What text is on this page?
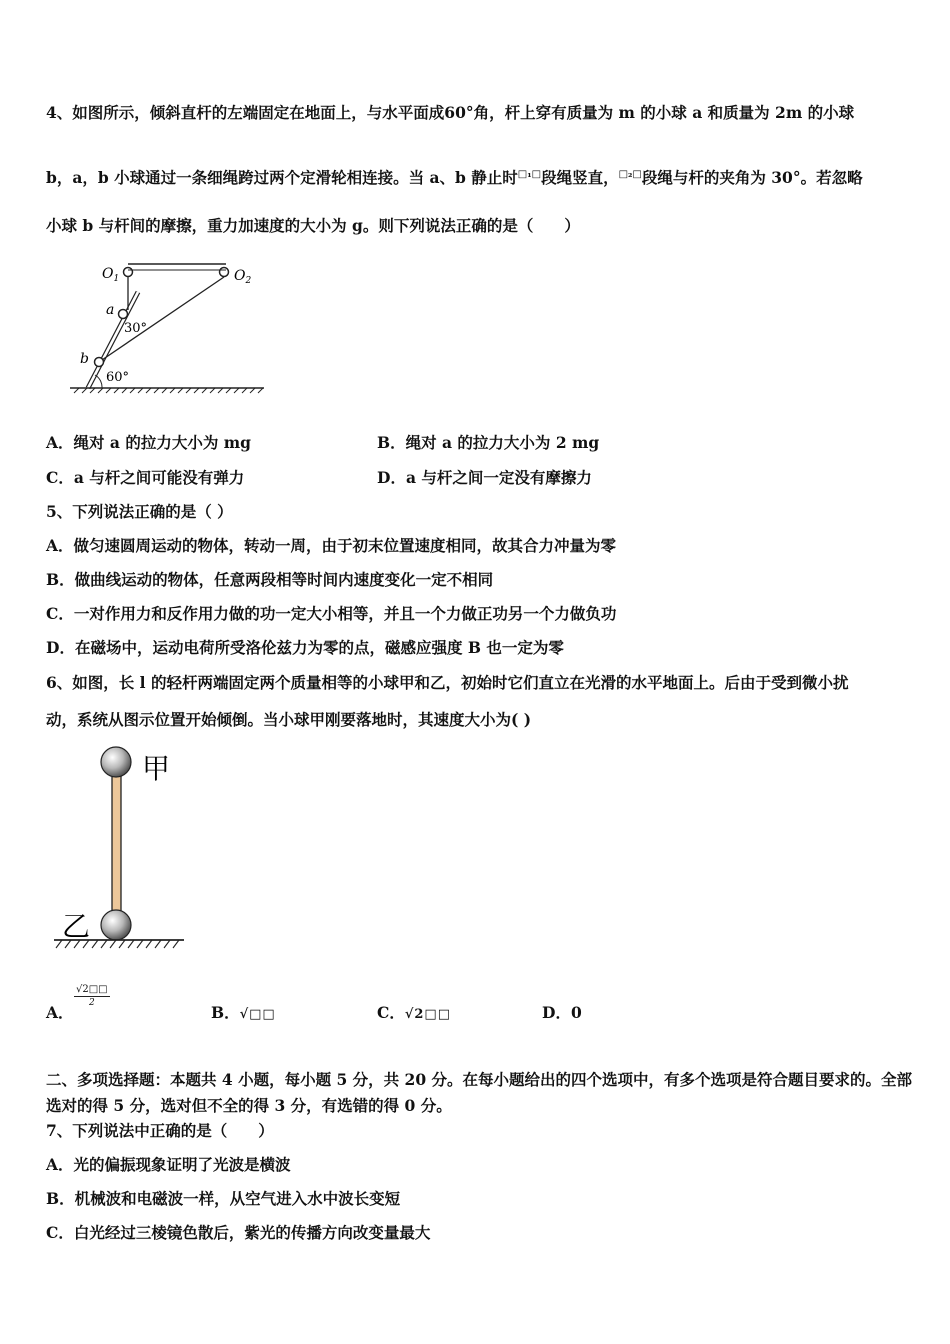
4、如图所示，倾斜直杆的左端固定在地面上，与水平面成60°角，杆上穿有质量为 m 的小球 a 和质量为 2m 的小球
b，a，b 小球通过一条细绳跨过两个定滑轮相连接。当 a、b 静止时$^{□_1□}$段绳竖直，$^{□_2□}$段绳与杆的夹角为 30°。若忽略
小球 b 与杆间的摩擦，重力加速度的大小为 g。则下列说法正确的是（　　）
$O_1$	$O_2$
a
b
30°
60°
A．绳对 a 的拉力大小为 mg	B．绳对 a 的拉力大小为 2 mg
C．a 与杆之间可能没有弹力	D．a 与杆之间一定没有摩擦力
5、下列说法正确的是（ ）
A．做匀速圆周运动的物体，转动一周，由于初末位置速度相同，故其合力冲量为零
B．做曲线运动的物体，任意两段相等时间内速度变化一定不相同
C．一对作用力和反作用力做的功一定大小相等，并且一个力做正功另一个力做负功
D．在磁场中，运动电荷所受洛伦兹力为零的点，磁感应强度 B 也一定为零
6、如图，长 l 的轻杆两端固定两个质量相等的小球甲和乙，初始时它们直立在光滑的水平地面上。后由于受到微小扰
动，系统从图示位置开始倾倒。当小球甲刚要落地时，其速度大小为( )
甲
乙
A．
$\frac{√2□□}{2}$
B．√□□	C．√2□□	D．0
二、多项选择题：本题共 4 小题，每小题 5 分，共 20 分。在每小题给出的四个选项中，有多个选项是符合题目要求的。全部选对的得 5 分，选对但不全的得 3 分，有选错的得 0 分。
7、下列说法中正确的是（　　）
A．光的偏振现象证明了光波是横波
B．机械波和电磁波一样，从空气进入水中波长变短
C．白光经过三棱镜色散后，紫光的传播方向改变量最大
